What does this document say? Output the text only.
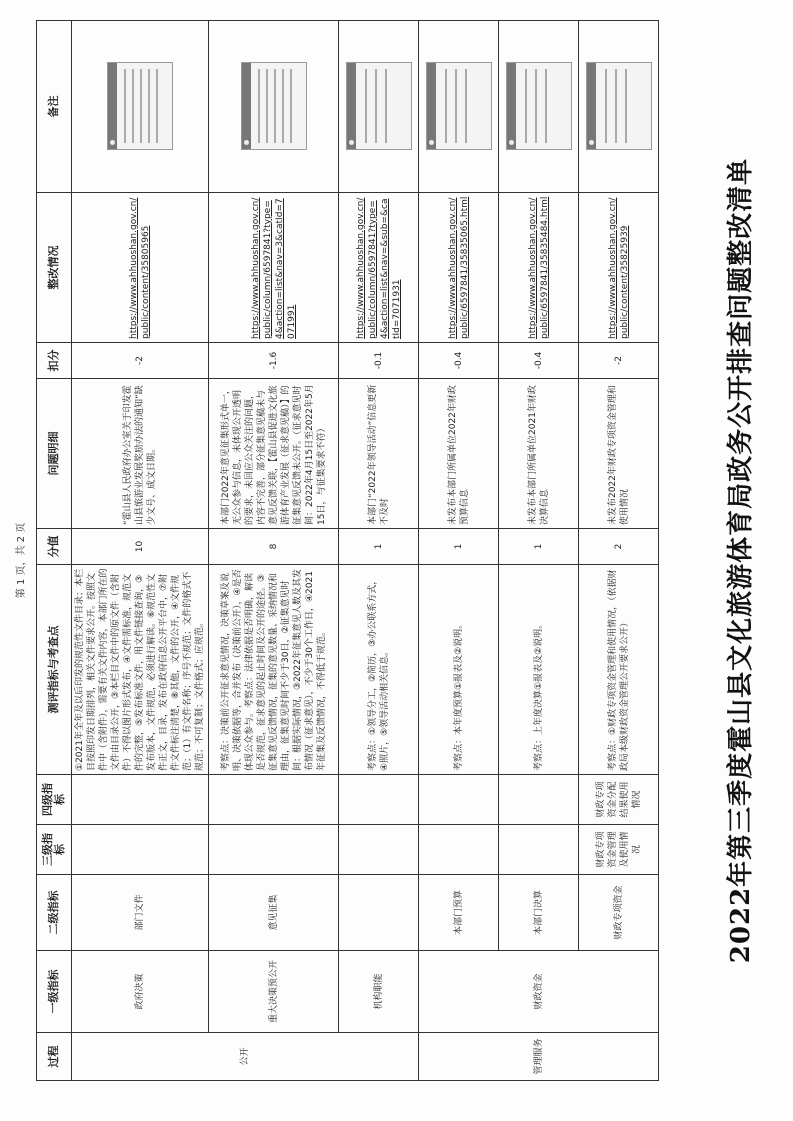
第 1 页，共 2 页
过程	一级指标	二级指标	三级指标	四级指标	测评指标与考查点	分值	问题明细	扣分	整改情况	备注
公开	政府决策	部门文件			①2021年全年及以后印发的规范性文件目录；本栏目按照印发日期排列，相关文件要求公开。按照文件中（含附件），需要有关文件内容，本部门所在的文件由目录公开，③本栏目文件中的原文件（含附件）不得以图片形式发布，④文件需标准，规范文件的完整，⑤发布标准文件，用文件链接查询，③发布版本，文件规范，必须进行解读。⑥规范性文件正文，目录，发布在政府信息公开平台中，⑦附件文件标注清楚，⑧其他，文件的公开，④文件规范；（1）有文件名称；序号不规范；文件的格式不规范；不可复制；文件格式；应规范。	10	“霍山县人民政府办公室关于印发霍山县旅游业发展奖励办法的通知”缺少文号、成文日期。	-2	https://www.ahhuoshan.gov.cn/public/content/35805965	

	重大决策预公开	意见征集			考察点：决策前公开征求意见情况，决策草案及说明、决策依据等，合并发布（决策前公开），④是否体现公众参与。考察点：法律依据是否明确，解读是否规范，征求意见的起止时间及公开的途径。③征集意见反馈情况，征集的意见数量、采纳情况和理由，征集意见时间不少于30日，②征集意见时间：根据实际情况，③2022年征集意见人数及其发布情况（征求意见），不少于30个工作日，④2021年征集及反馈情况，不得低于规范。	8	本部门2022年意见征集形式单一，无公众参与信息，未体现公开透明的要求，未回应公众关注的问题，内容不完善，部分征集意见稿未与意见反馈关联，【霍山县促进文化旅游体育产业发展（征求意见稿）】的征集意见反馈未公开。（征求意见时间：2022年4月15日至2022年5月15日，与征集要求不符）	-1.6	https://www.ahhuoshan.gov.cn/public/column/6597841?type=4&action=list&nav=3&catId=7071991	

	机构职能				考察点：①领导分工，②简历，③办公联系方式，④照片，⑤领导活动相关信息。	1	本部门“2022年领导活动”信息更新不及时	-0.1	https://www.ahhuoshan.gov.cn/public/column/6597841?type=4&action=list&nav=&sub=&catId=7071931	

管理服务	财政资金	本部门预算			考察点：本年度预算①报表及②说明。	1	未发布本部门所属单位2022年财政预算信息	-0.4	https://www.ahhuoshan.gov.cn/public/6597841/35835065.html	

		本部门决算			考察点：上年度决算①报表及②说明。	1	未发布本部门所属单位2021年财政决算信息	-0.4	https://www.ahhuoshan.gov.cn/public/6597841/35835484.html	

		财政专项资金	财政专项资金管理及使用情况	财政专项资金分配结果使用情况	考察点：①财政专项资金管理和使用情况，（依据财政局本级财政资金管理公开要求公开）	2	未发布2022年财政专项资金管理和使用情况	-2	https://www.ahhuoshan.gov.cn/public/content/35825939		2022年第三季度霍山县文化旅游体育局政务公开排查问题整改清单
